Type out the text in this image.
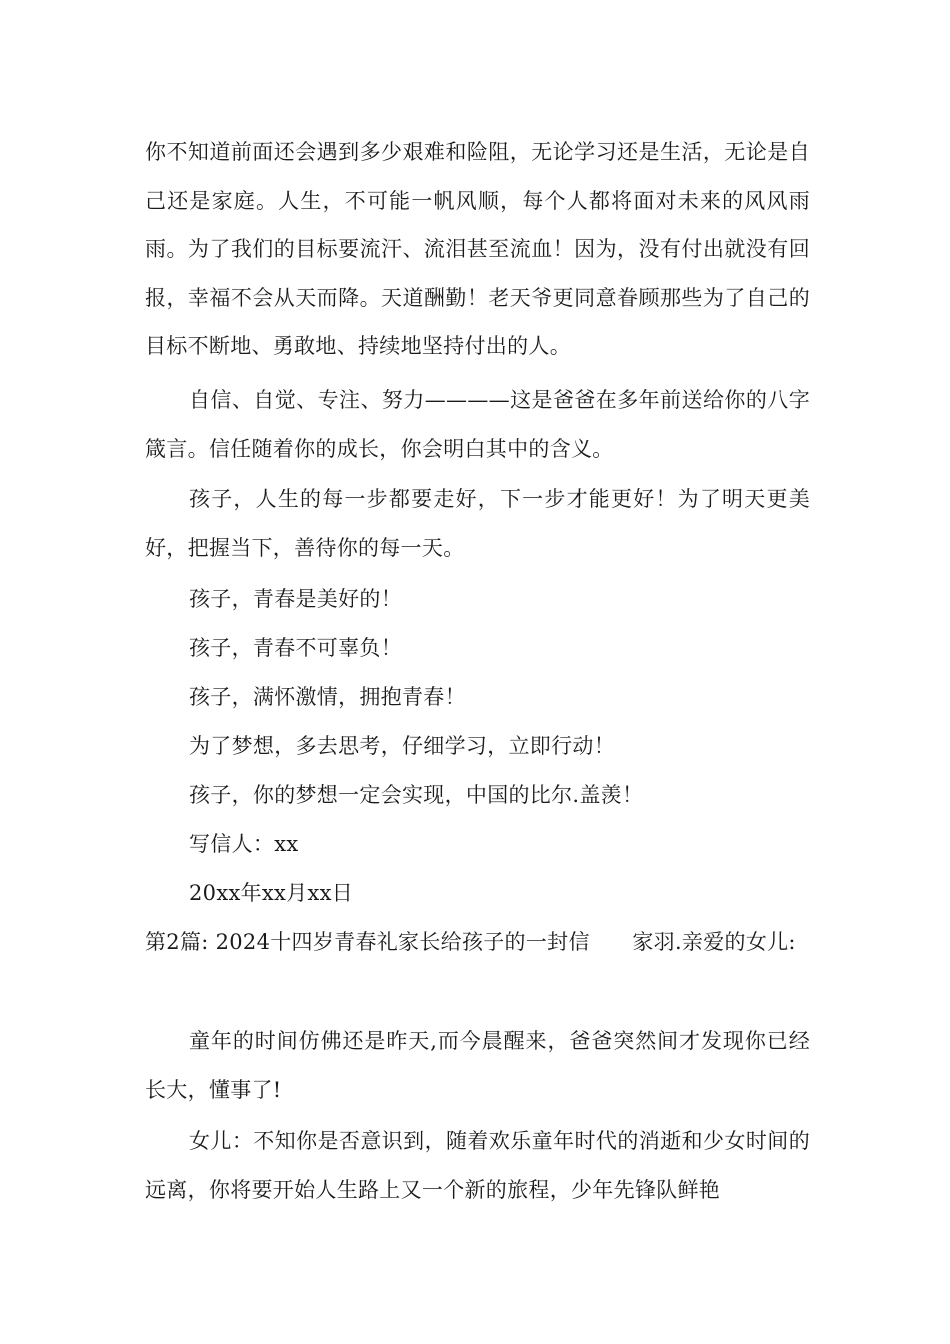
你不知道前面还会遇到多少艰难和险阻，无论学习还是生活，无论是自己还是家庭。人生，不可能一帆风顺，每个人都将面对未来的风风雨雨。为了我们的目标要流汗、流泪甚至流血！因为，没有付出就没有回报，幸福不会从天而降。天道酬勤！老天爷更同意眷顾那些为了自己的目标不断地、勇敢地、持续地坚持付出的人。

自信、自觉、专注、努力————这是爸爸在多年前送给你的八字箴言。信任随着你的成长，你会明白其中的含义。

孩子，人生的每一步都要走好，下一步才能更好！为了明天更美好，把握当下，善待你的每一天。

孩子，青春是美好的！

孩子，青春不可辜负！

孩子，满怀激情，拥抱青春！

为了梦想，多去思考，仔细学习，立即行动！

孩子，你的梦想一定会实现，中国的比尔.盖羡！

写信人：xx

20xx年xx月xx日

第2篇: 2024十四岁青春礼家长给孩子的一封信　　家羽.亲爱的女儿:

童年的时间仿佛还是昨天,而今晨醒来，爸爸突然间才发现你已经长大，懂事了!

女儿：不知你是否意识到，随着欢乐童年时代的消逝和少女时间的远离，你将要开始人生路上又一个新的旅程，少年先锋队鲜艳
